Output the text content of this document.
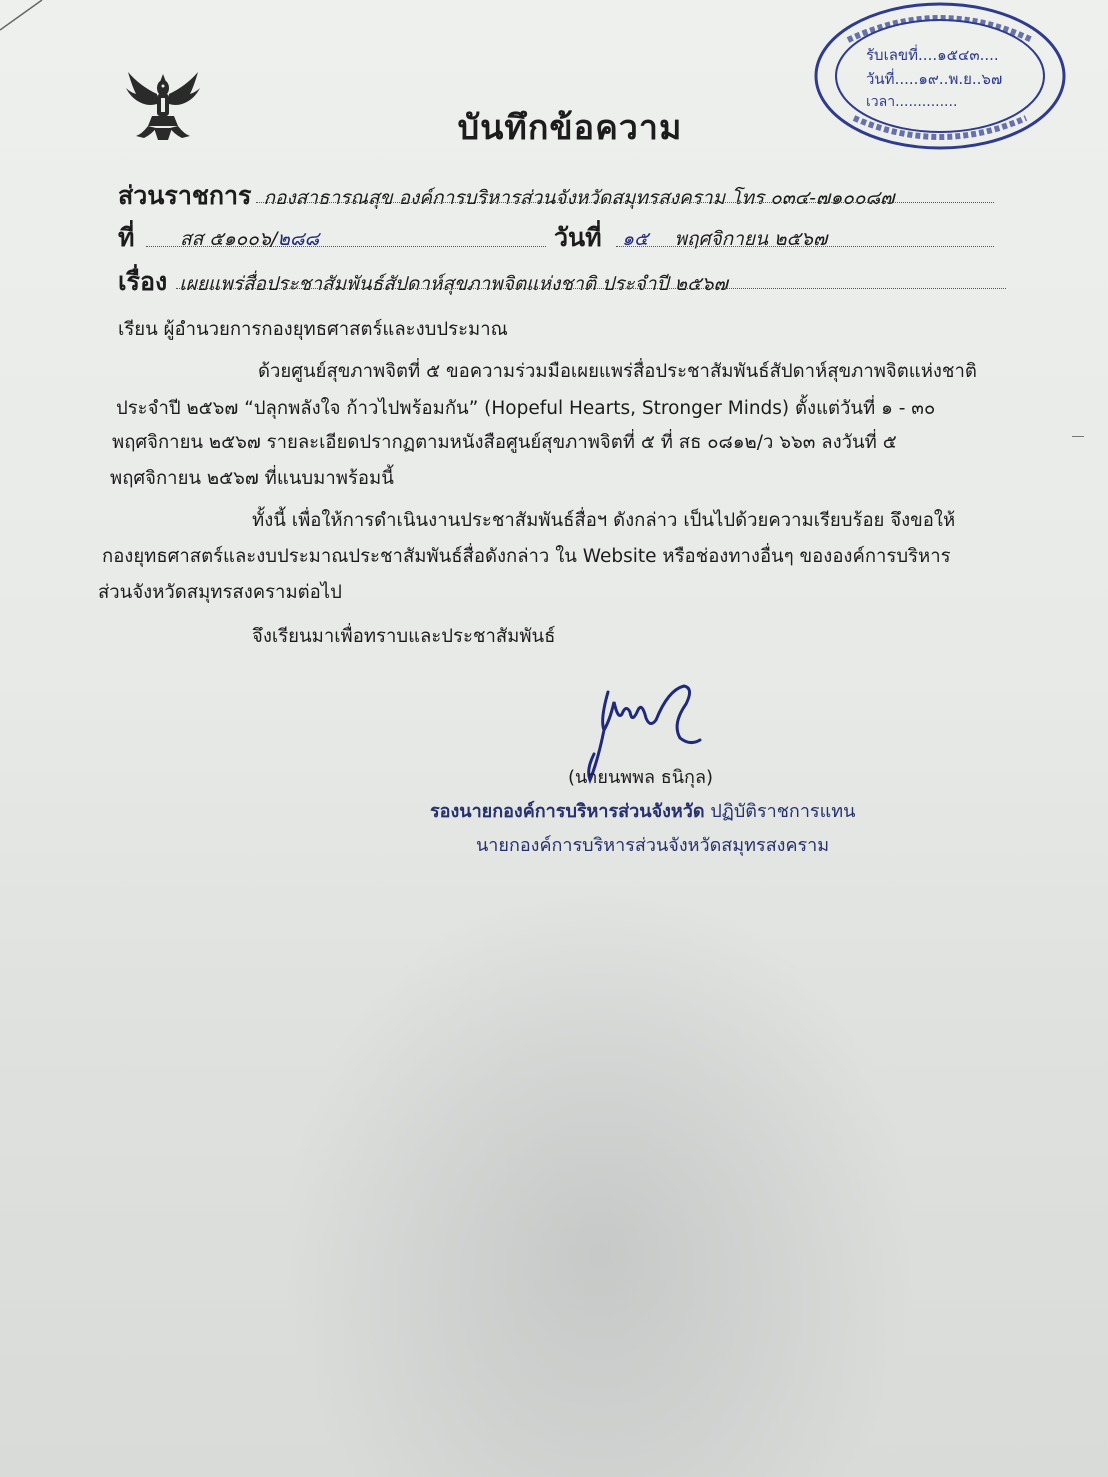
รับเลขที่....๑๕๔๓....
วันที่.....๑๙..พ.ย..๖๗
เวลา..............
บันทึกข้อความ
ส่วนราชการ กองสาธารณสุข องค์การบริหารส่วนจังหวัดสมุทรสงคราม โทร ๐๓๔-๗๑๐๐๘๗
ที่ สส ๕๑๐๐๖/๒๘๘	วันที่ ๑๕ พฤศจิกายน ๒๕๖๗
เรื่อง เผยแพร่สื่อประชาสัมพันธ์สัปดาห์สุขภาพจิตแห่งชาติ ประจำปี ๒๕๖๗
เรียน ผู้อำนวยการกองยุทธศาสตร์และงบประมาณ
ด้วยศูนย์สุขภาพจิตที่ ๕ ขอความร่วมมือเผยแพร่สื่อประชาสัมพันธ์สัปดาห์สุขภาพจิตแห่งชาติ
ประจำปี ๒๕๖๗ “ปลุกพลังใจ ก้าวไปพร้อมกัน” (Hopeful Hearts, Stronger Minds) ตั้งแต่วันที่ ๑ - ๓๐
พฤศจิกายน ๒๕๖๗ รายละเอียดปรากฏตามหนังสือศูนย์สุขภาพจิตที่ ๕ ที่ สธ ๐๘๑๒/ว ๖๖๓ ลงวันที่ ๕
พฤศจิกายน ๒๕๖๗ ที่แนบมาพร้อมนี้
ทั้งนี้ เพื่อให้การดำเนินงานประชาสัมพันธ์สื่อฯ ดังกล่าว เป็นไปด้วยความเรียบร้อย จึงขอให้
กองยุทธศาสตร์และงบประมาณประชาสัมพันธ์สื่อดังกล่าว ใน Website หรือช่องทางอื่นๆ ขององค์การบริหาร
ส่วนจังหวัดสมุทรสงครามต่อไป
จึงเรียนมาเพื่อทราบและประชาสัมพันธ์
(นายนพพล ธนิกุล)
รองนายกองค์การบริหารส่วนจังหวัด ปฏิบัติราชการแทน
นายกองค์การบริหารส่วนจังหวัดสมุทรสงคราม
